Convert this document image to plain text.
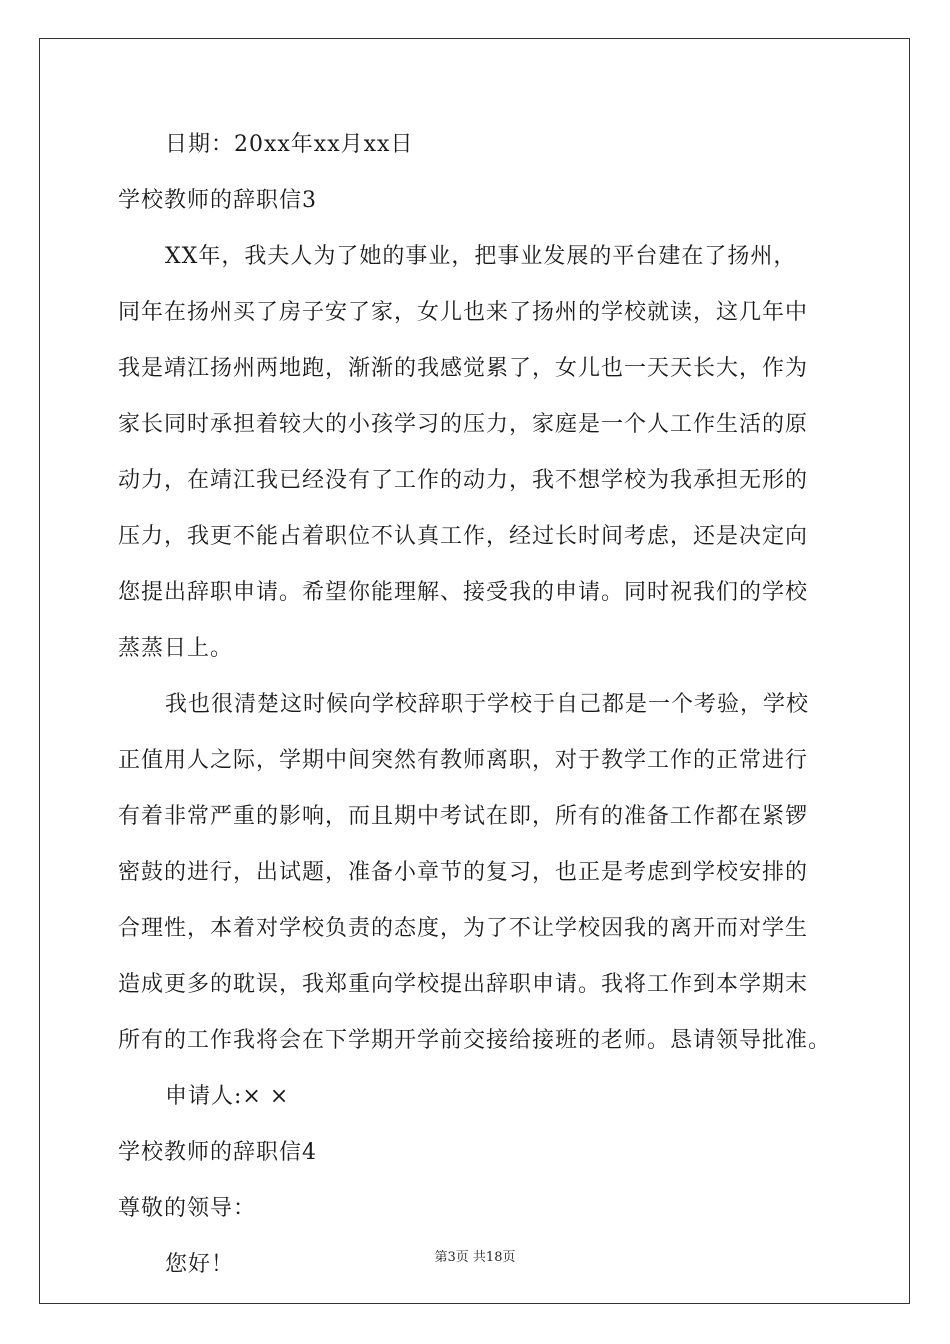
日期：20xx年xx月xx日
学校教师的辞职信3
XX年，我夫人为了她的事业，把事业发展的平台建在了扬州，
同年在扬州买了房子安了家，女儿也来了扬州的学校就读，这几年中
我是靖江扬州两地跑，渐渐的我感觉累了，女儿也一天天长大，作为
家长同时承担着较大的小孩学习的压力，家庭是一个人工作生活的原
动力，在靖江我已经没有了工作的动力，我不想学校为我承担无形的
压力，我更不能占着职位不认真工作，经过长时间考虑，还是决定向
您提出辞职申请。希望你能理解、接受我的申请。同时祝我们的学校
蒸蒸日上。
我也很清楚这时候向学校辞职于学校于自己都是一个考验，学校
正值用人之际，学期中间突然有教师离职，对于教学工作的正常进行
有着非常严重的影响，而且期中考试在即，所有的准备工作都在紧锣
密鼓的进行，出试题，准备小章节的复习，也正是考虑到学校安排的
合理性，本着对学校负责的态度，为了不让学校因我的离开而对学生
造成更多的耽误，我郑重向学校提出辞职申请。我将工作到本学期末
所有的工作我将会在下学期开学前交接给接班的老师。恳请领导批准。
申请人:× ×
学校教师的辞职信4
尊敬的领导：
您好！	第3页 共18页
